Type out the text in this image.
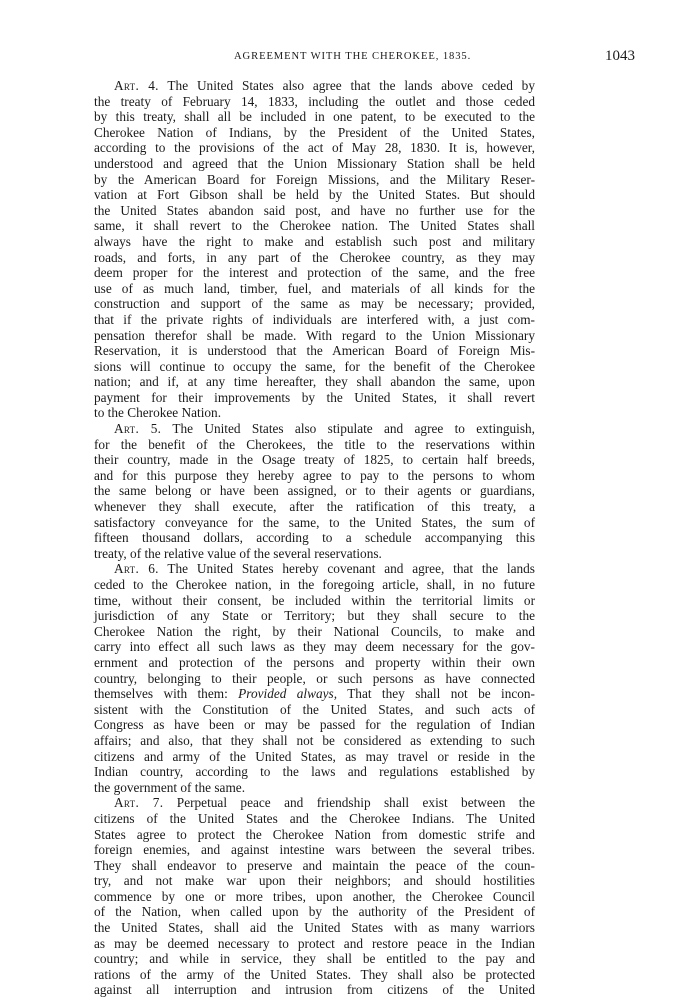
AGREEMENT WITH THE CHEROKEE, 1835.	1043
Art. 4. The United States also agree that the lands above ceded by
the treaty of February 14, 1833, including the outlet and those ceded
by this treaty, shall all be included in one patent, to be executed to the
Cherokee Nation of Indians, by the President of the United States,
according to the provisions of the act of May 28, 1830. It is, however,
understood and agreed that the Union Missionary Station shall be held
by the American Board for Foreign Missions, and the Military Reser-
vation at Fort Gibson shall be held by the United States. But should
the United States abandon said post, and have no further use for the
same, it shall revert to the Cherokee nation. The United States shall
always have the right to make and establish such post and military
roads, and forts, in any part of the Cherokee country, as they may
deem proper for the interest and protection of the same, and the free
use of as much land, timber, fuel, and materials of all kinds for the
construction and support of the same as may be necessary; provided,
that if the private rights of individuals are interfered with, a just com-
pensation therefor shall be made. With regard to the Union Missionary
Reservation, it is understood that the American Board of Foreign Mis-
sions will continue to occupy the same, for the benefit of the Cherokee
nation; and if, at any time hereafter, they shall abandon the same, upon
payment for their improvements by the United States, it shall revert
to the Cherokee Nation.
Art. 5. The United States also stipulate and agree to extinguish,
for the benefit of the Cherokees, the title to the reservations within
their country, made in the Osage treaty of 1825, to certain half breeds,
and for this purpose they hereby agree to pay to the persons to whom
the same belong or have been assigned, or to their agents or guardians,
whenever they shall execute, after the ratification of this treaty, a
satisfactory conveyance for the same, to the United States, the sum of
fifteen thousand dollars, according to a schedule accompanying this
treaty, of the relative value of the several reservations.
Art. 6. The United States hereby covenant and agree, that the lands
ceded to the Cherokee nation, in the foregoing article, shall, in no future
time, without their consent, be included within the territorial limits or
jurisdiction of any State or Territory; but they shall secure to the
Cherokee Nation the right, by their National Councils, to make and
carry into effect all such laws as they may deem necessary for the gov-
ernment and protection of the persons and property within their own
country, belonging to their people, or such persons as have connected
themselves with them: Provided always, That they shall not be incon-
sistent with the Constitution of the United States, and such acts of
Congress as have been or may be passed for the regulation of Indian
affairs; and also, that they shall not be considered as extending to such
citizens and army of the United States, as may travel or reside in the
Indian country, according to the laws and regulations established by
the government of the same.
Art. 7. Perpetual peace and friendship shall exist between the
citizens of the United States and the Cherokee Indians. The United
States agree to protect the Cherokee Nation from domestic strife and
foreign enemies, and against intestine wars between the several tribes.
They shall endeavor to preserve and maintain the peace of the coun-
try, and not make war upon their neighbors; and should hostilities
commence by one or more tribes, upon another, the Cherokee Council
of the Nation, when called upon by the authority of the President of
the United States, shall aid the United States with as many warriors
as may be deemed necessary to protect and restore peace in the Indian
country; and while in service, they shall be entitled to the pay and
rations of the army of the United States. They shall also be protected
against all interruption and intrusion from citizens of the United
